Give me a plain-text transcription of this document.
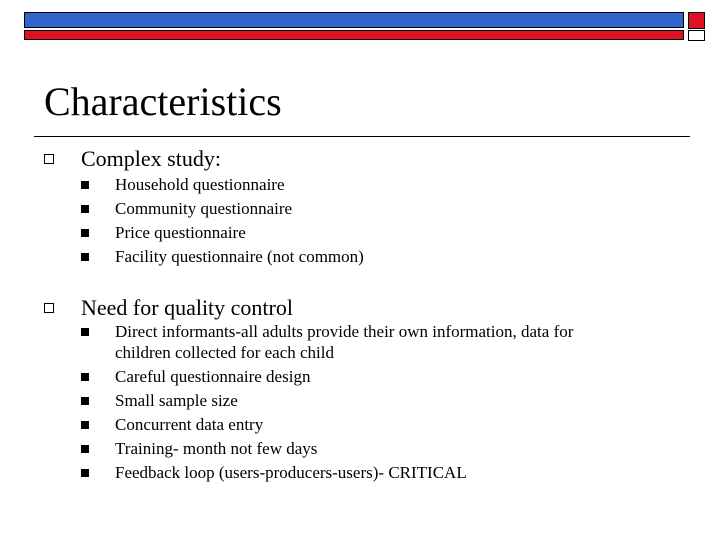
Characteristics
Complex study:
Household questionnaire
Community questionnaire
Price questionnaire
Facility questionnaire (not common)
Need for quality control
Direct informants-all adults provide their own information, data for
children collected for each child
Careful questionnaire design
Small sample size
Concurrent data entry
Training- month not few days
Feedback loop (users-producers-users)- CRITICAL
